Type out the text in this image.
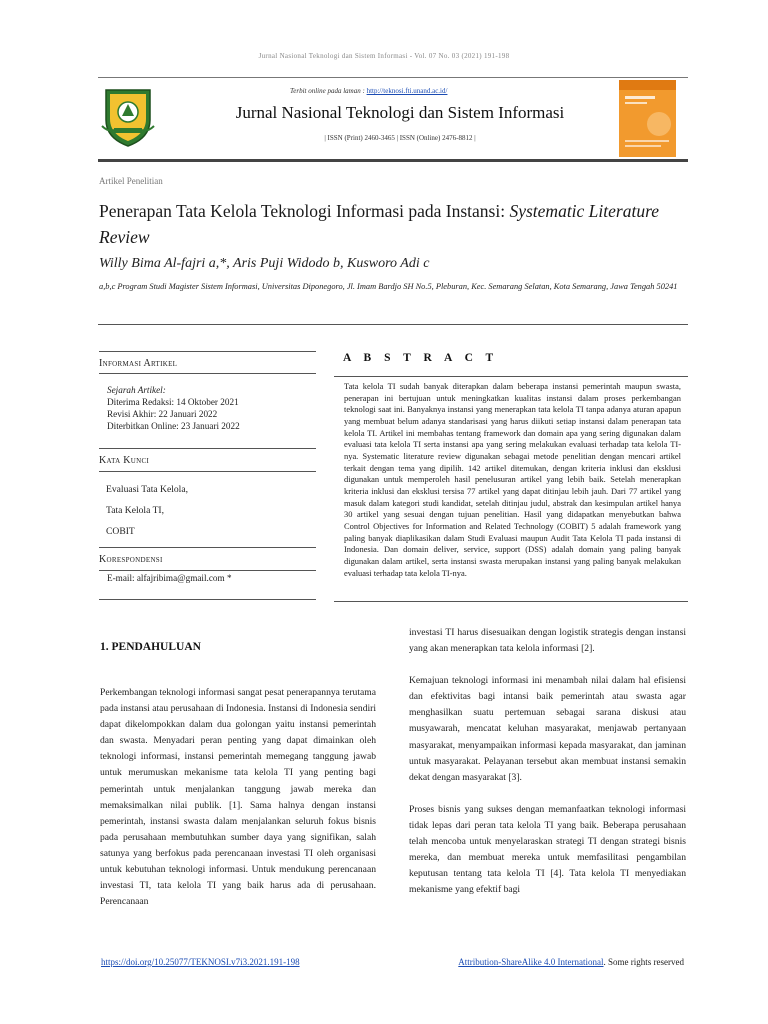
Jurnal Nasional Teknologi dan Sistem Informasi - Vol. 07 No. 03 (2021) 191-198
Terbit online pada laman : http://teknosi.fti.unand.ac.id/
Jurnal Nasional Teknologi dan Sistem Informasi
| ISSN (Print) 2460-3465 | ISSN (Online) 2476-8812 |
Artikel Penelitian
Penerapan Tata Kelola Teknologi Informasi pada Instansi: Systematic Literature Review
Willy Bima Al-fajri a,*, Aris Puji Widodo b, Kusworo Adi c
a,b,c Program Studi Magister Sistem Informasi, Universitas Diponegoro, Jl. Imam Bardjo SH No.5, Pleburan, Kec. Semarang Selatan, Kota Semarang, Jawa Tengah 50241
Informasi Artikel
Sejarah Artikel:
Diterima Redaksi: 14 Oktober 2021
Revisi Akhir: 22 Januari 2022
Diterbitkan Online: 23 Januari 2022
Kata Kunci
Evaluasi Tata Kelola,
Tata Kelola TI,
COBIT
Korespondensi
E-mail: alfajribima@gmail.com *
A B S T R A C T
Tata kelola TI sudah banyak diterapkan dalam beberapa instansi pemerintah maupun swasta, penerapan ini bertujuan untuk meningkatkan kualitas instansi dalam proses perkembangan teknologi saat ini. Banyaknya instansi yang menerapkan tata kelola TI tanpa adanya aturan apapun yang membuat belum adanya standarisasi yang harus diikuti setiap instansi dalam penerapan tata kelola TI. Artikel ini membahas tentang framework dan domain apa yang sering digunakan dalam evaluasi tata kelola TI serta instansi apa yang sering melakukan evaluasi terhadap tata kelola TI-nya. Systematic literature review digunakan sebagai metode penelitian dengan mencari artikel terkait dengan tema yang dipilih. 142 artikel ditemukan, dengan kriteria inklusi dan eksklusi digunakan untuk memperoleh hasil penelusuran artikel yang lebih baik. Setelah menerapkan kriteria inklusi dan eksklusi tersisa 77 artikel yang dapat ditinjau lebih jauh. Dari 77 artikel yang masuk dalam kategori studi kandidat, setelah ditinjau judul, abstrak dan kesimpulan artikel hanya 30 artikel yang sesuai dengan tujuan penelitian. Hasil yang didapatkan menyebutkan bahwa Control Objectives for Information and Related Technology (COBIT) 5 adalah framework yang paling banyak diaplikasikan dalam Studi Evaluasi maupun Audit Tata Kelola TI pada instansi di Indonesia. Dan domain deliver, service, support (DSS) adalah domain yang paling banyak digunakan dalam artikel, serta instansi swasta merupakan instansi yang paling banyak melakukan evaluasi terhadap tata kelola TI-nya.
1. PENDAHULUAN

Perkembangan teknologi informasi sangat pesat penerapannya terutama pada instansi atau perusahaan di Indonesia. Instansi di Indonesia sendiri dapat dikelompokkan dalam dua golongan yaitu instansi pemerintah dan swasta. Menyadari peran penting yang dapat dimainkan oleh teknologi informasi, instansi pemerintah memegang tanggung jawab untuk merumuskan mekanisme tata kelola TI yang penting bagi pemerintah untuk menjalankan tanggung jawab mereka dan memaksimalkan nilai publik. [1]. Sama halnya dengan instansi pemerintah, instansi swasta dalam menjalankan seluruh fokus bisnis pada perusahaan membutuhkan sumber daya yang signifikan, salah satunya yang berfokus pada perencanaan investasi TI oleh organisasi untuk kebutuhan teknologi informasi. Untuk mendukung perencanaan investasi TI, tata kelola TI yang baik harus ada di perusahaan. Perencanaan

investasi TI harus disesuaikan dengan logistik strategis dengan instansi yang akan menerapkan tata kelola informasi [2].

Kemajuan teknologi informasi ini menambah nilai dalam hal efisiensi dan efektivitas bagi intansi baik pemerintah atau swasta agar menghasilkan suatu pertemuan sebagai sarana diskusi atau musyawarah, mencatat keluhan masyarakat, menjawab pertanyaan masyarakat, menyampaikan informasi kepada masyarakat, dan jaminan untuk masyarakat. Pelayanan tersebut akan membuat instansi semakin dekat dengan masyarakat [3].

Proses bisnis yang sukses dengan memanfaatkan teknologi informasi tidak lepas dari peran tata kelola TI yang baik. Beberapa perusahaan telah mencoba untuk menyelaraskan strategi TI dengan strategi bisnis mereka, dan membuat mereka untuk memfasilitasi pengambilan keputusan tentang tata kelola TI [4]. Tata kelola TI menyediakan mekanisme yang efektif bagi

https://doi.org/10.25077/TEKNOSI.v7i3.2021.191-198	Attribution-ShareAlike 4.0 International. Some rights reserved
